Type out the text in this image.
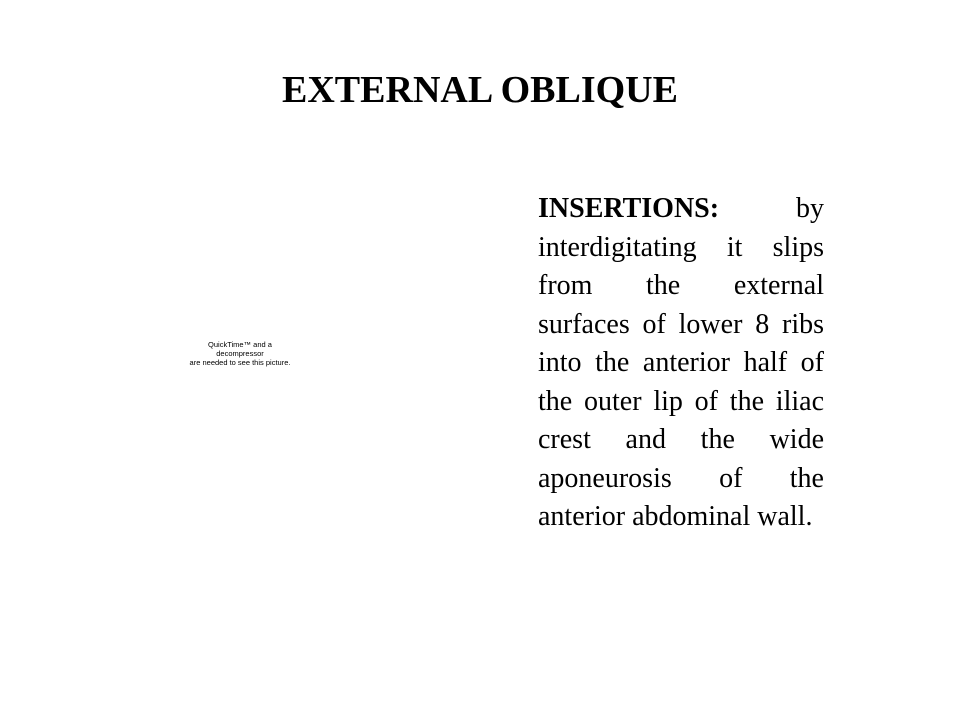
EXTERNAL OBLIQUE
QuickTime™ and a
decompressor
are needed to see this picture.

INSERTIONS:	by interdigitating it slips from the external surfaces of lower 8 ribs into the anterior half of the outer lip of the iliac crest and the wide aponeurosis of the anterior abdominal wall.
